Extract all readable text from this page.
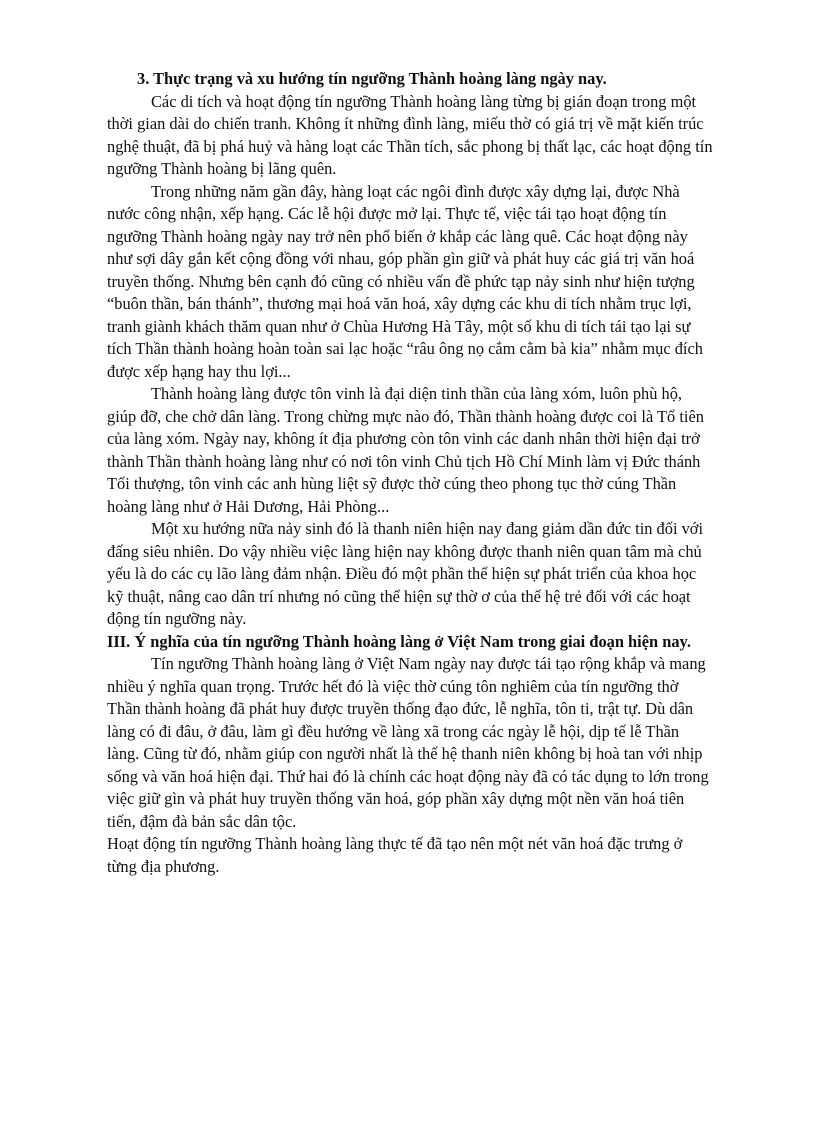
3. Thực trạng và xu hướng tín ngưỡng Thành hoàng làng ngày nay.

Các di tích và hoạt động tín ngưỡng Thành hoàng làng từng bị gián đoạn trong một thời gian dài do chiến tranh. Không ít những đình làng, miếu thờ có giá trị về mặt kiến trúc nghệ thuật, đã bị phá huỷ và hàng loạt các Thần tích, sắc phong bị thất lạc, các hoạt động tín ngưỡng Thành hoàng bị lãng quên.

Trong những năm gần đây, hàng loạt các ngôi đình được xây dựng lại, được Nhà nước công nhận, xếp hạng. Các lễ hội được mở lại. Thực tế, việc tái tạo hoạt động tín ngưỡng Thành hoàng ngày nay trở nên phổ biến ở khắp các làng quê. Các hoạt động này như sợi dây gắn kết cộng đồng với nhau, góp phần gìn giữ và phát huy các giá trị văn hoá truyền thống. Nhưng bên cạnh đó cũng có nhiều vấn đề phức tạp nảy sinh như hiện tượng “buôn thần, bán thánh”, thương mại hoá văn hoá, xây dựng các khu di tích nhằm trục lợi, tranh giành khách thăm quan như ở Chùa Hương Hà Tây, một số khu di tích tái tạo lại sự tích Thần thành hoàng hoàn toàn sai lạc hoặc “râu ông nọ cắm cằm bà kia” nhằm mục đích được xếp hạng hay thu lợi...

Thành hoàng làng được tôn vinh là đại diện tinh thần của làng xóm, luôn phù hộ, giúp đỡ, che chở dân làng. Trong chừng mực nào đó, Thần thành hoàng được coi là Tổ tiên của làng xóm. Ngày nay, không ít địa phương còn tôn vinh các danh nhân thời hiện đại trở thành Thần thành hoàng làng như có nơi tôn vinh Chủ tịch Hồ Chí Minh làm vị Đức thánh Tối thượng, tôn vinh các anh hùng liệt sỹ được thờ cúng theo phong tục thờ cúng Thần hoàng làng như ở Hải Dương, Hải Phòng...

Một xu hướng nữa nảy sinh đó là thanh niên hiện nay đang giảm dần đức tin đối với đấng siêu nhiên. Do vậy nhiều việc làng hiện nay không được thanh niên quan tâm mà chủ yếu là do các cụ lão làng đảm nhận. Điều đó một phần thể hiện sự phát triển của khoa học kỹ thuật, nâng cao dân trí nhưng nó cũng thể hiện sự thờ ơ của thế hệ trẻ đối với các hoạt động tín ngưỡng này.

III. Ý nghĩa của tín ngưỡng Thành hoàng làng ở Việt Nam trong giai đoạn hiện nay.

Tín ngưỡng Thành hoàng làng ở Việt Nam ngày nay được tái tạo rộng khắp và mang nhiều ý nghĩa quan trọng. Trước hết đó là việc thờ cúng tôn nghiêm của tín ngưỡng thờ Thần thành hoàng đã phát huy được truyền thống đạo đức, lễ nghĩa, tôn ti, trật tự. Dù dân làng có đi đâu, ở đâu, làm gì đều hướng về làng xã trong các ngày lễ hội, dịp tế lễ Thần làng. Cũng từ đó, nhằm giúp con người nhất là thế hệ thanh niên không bị hoà tan với nhịp sống và văn hoá hiện đại. Thứ hai đó là chính các hoạt động này đã có tác dụng to lớn trong việc giữ gìn và phát huy truyền thống văn hoá, góp phần xây dựng một nền văn hoá tiên tiến, đậm đà bản sắc dân tộc.

Hoạt động tín ngưỡng Thành hoàng làng thực tế đã tạo nên một nét văn hoá đặc trưng ở từng địa phương.
